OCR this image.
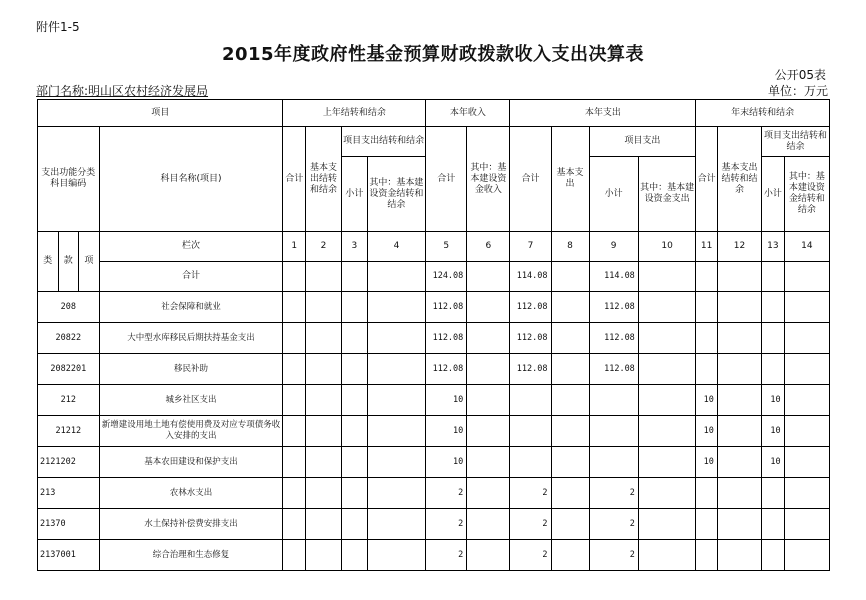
附件1-5
2015年度政府性基金预算财政拨款收入支出决算表
公开05表
部门名称:明山区农村经济发展局	单位：万元
项目				上年结转和结余				本年收入		本年支出				年末结转和结余			
支出功能分类科目编码			科目名称(项目)	合计	基本支出结转和结余	项目支出结转和结余		合计	其中：基本建设资金收入	合计	基本支出	项目支出		合计	基本支出结转和结余	项目支出结转和结余	
						小计	其中：基本建设资金结转和结余					小计	其中：基本建设资金支出			小计	其中：基本建设资金结转和结余
类	款	项	栏次	1	2	3	4	5	6	7	8	9	10	11	12	13	14
			合计					124.08		114.08		114.08					
208			社会保障和就业					112.08		112.08		112.08					
20822			大中型水库移民后期扶持基金支出					112.08		112.08		112.08					
2082201			移民补助					112.08		112.08		112.08					
212			城乡社区支出					10						10		10	
21212			新增建设用地土地有偿使用费及对应专项债务收入安排的支出					10						10		10	
2121202			基本农田建设和保护支出					10						10		10	
213			农林水支出					2		2		2					
21370			水土保持补偿费安排支出					2		2		2					
2137001			综合治理和生态修复					2		2		2					
